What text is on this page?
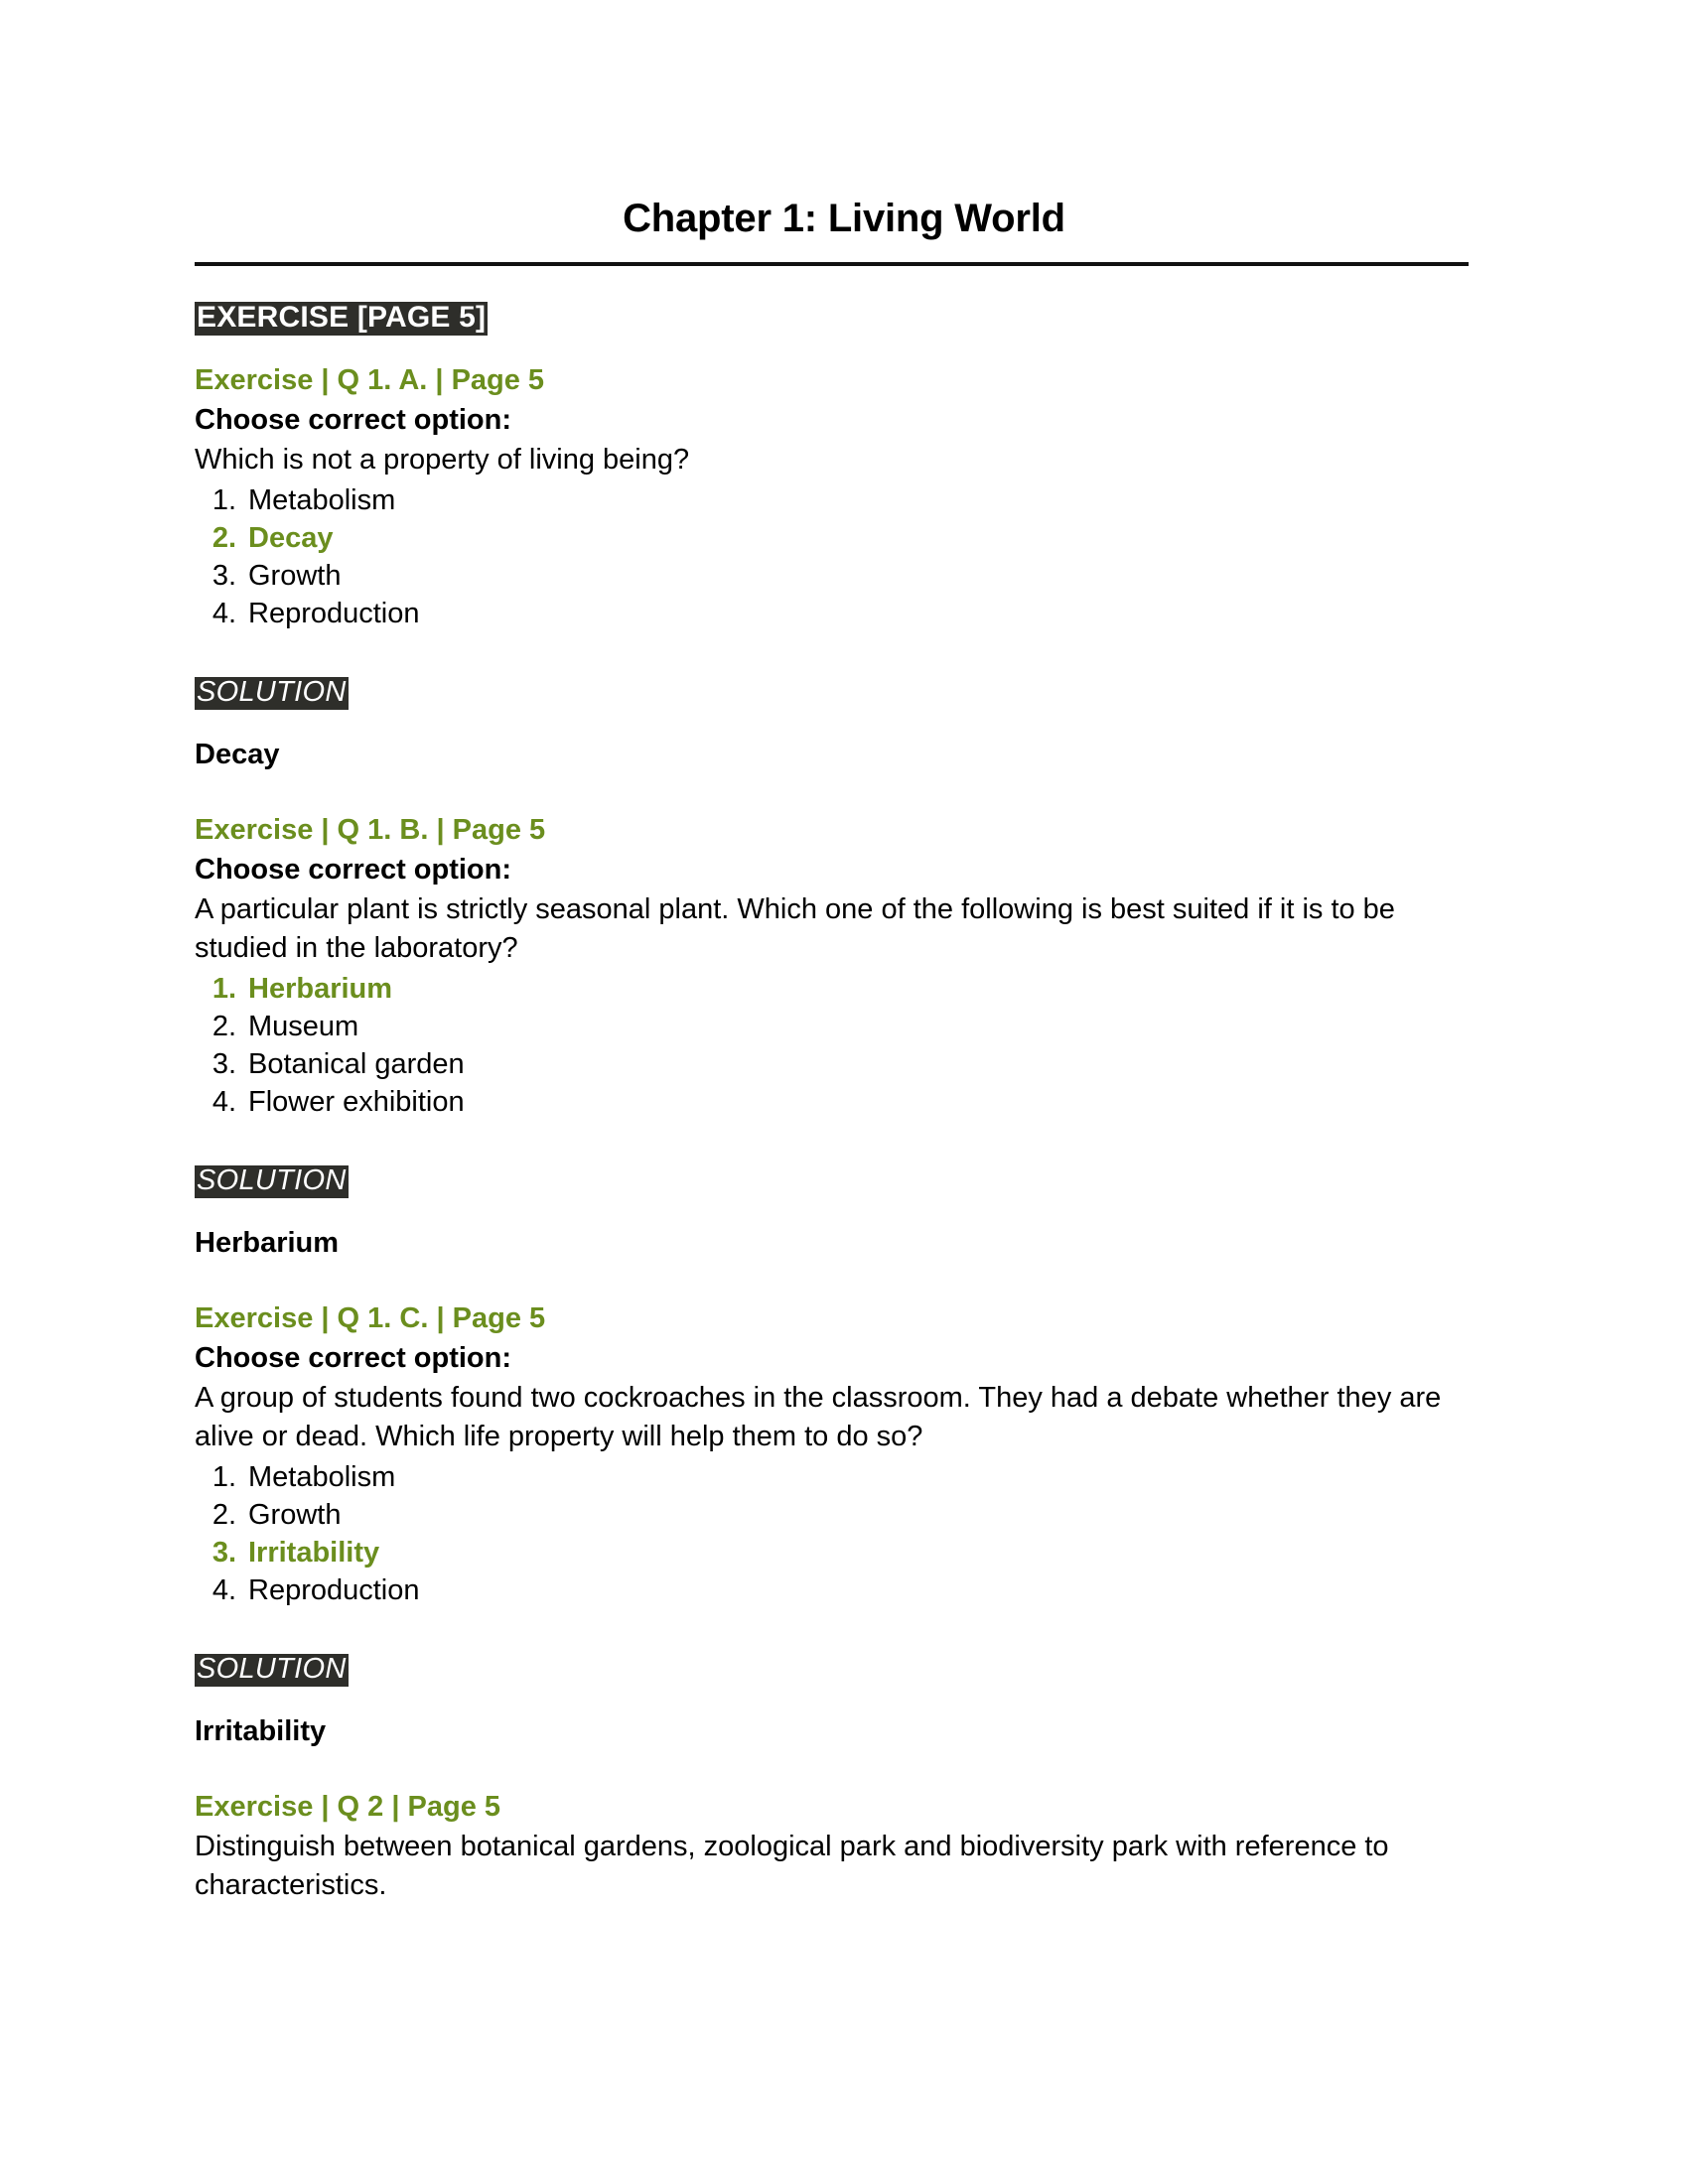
Chapter 1: Living World
EXERCISE [PAGE 5]
Exercise | Q 1. A. | Page 5
Choose correct option:
Which is not a property of living being?
1. Metabolism
2. Decay
3. Growth
4. Reproduction
SOLUTION
Decay
Exercise | Q 1. B. | Page 5
Choose correct option:
A particular plant is strictly seasonal plant. Which one of the following is best suited if it is to be studied in the laboratory?
1. Herbarium
2. Museum
3. Botanical garden
4. Flower exhibition
SOLUTION
Herbarium
Exercise | Q 1. C. | Page 5
Choose correct option:
A group of students found two cockroaches in the classroom. They had a debate whether they are alive or dead. Which life property will help them to do so?
1. Metabolism
2. Growth
3. Irritability
4. Reproduction
SOLUTION
Irritability
Exercise | Q 2 | Page 5
Distinguish between botanical gardens, zoological park and biodiversity park with reference to characteristics.
